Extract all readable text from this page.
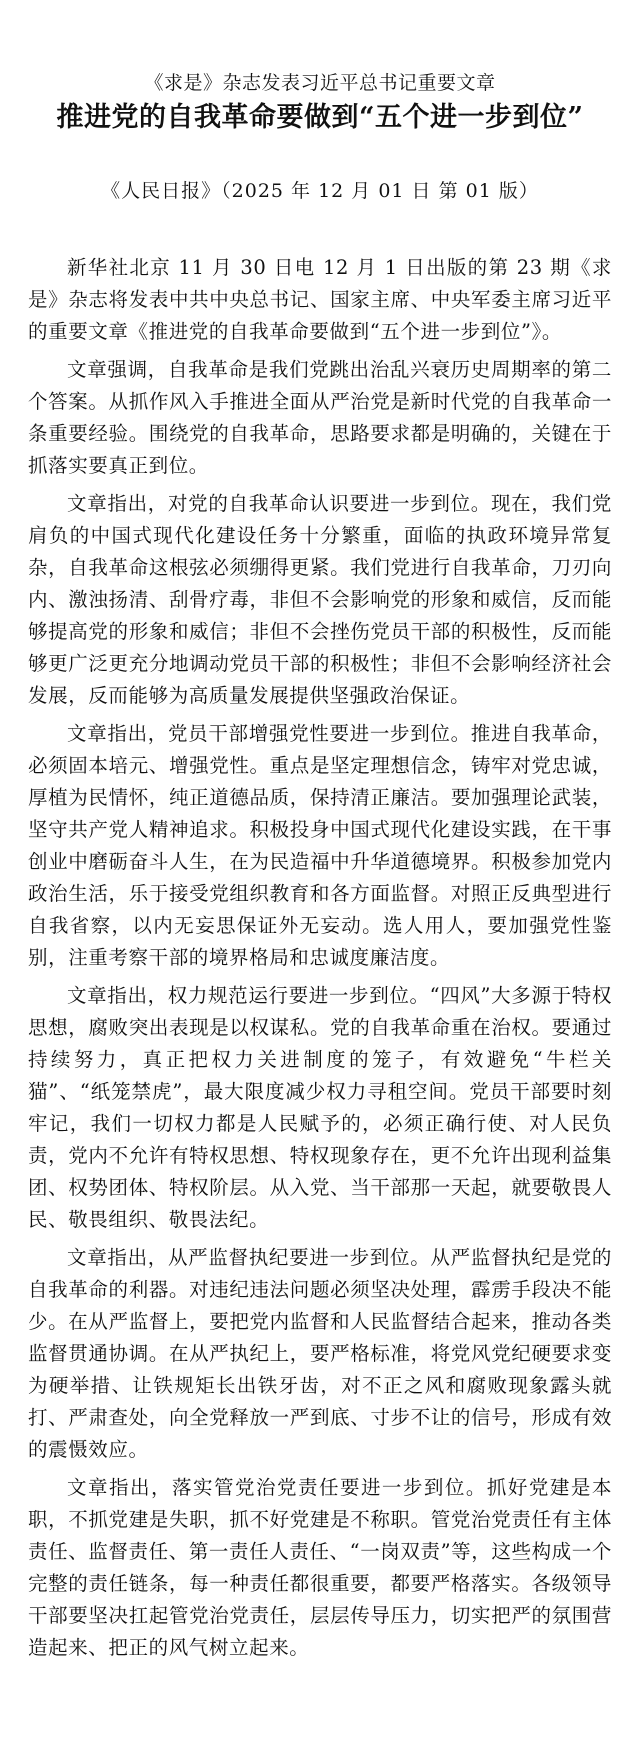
《求是》杂志发表习近平总书记重要文章

推进党的自我革命要做到“五个进一步到位”

《人民日报》（2025 年 12 月 01 日 第 01 版）

新华社北京 11 月 30 日电 12 月 1 日出版的第 23 期《求是》杂志将发表中共中央总书记、国家主席、中央军委主席习近平的重要文章《推进党的自我革命要做到“五个进一步到位”》。

文章强调，自我革命是我们党跳出治乱兴衰历史周期率的第二个答案。从抓作风入手推进全面从严治党是新时代党的自我革命一条重要经验。围绕党的自我革命，思路要求都是明确的，关键在于抓落实要真正到位。

文章指出，对党的自我革命认识要进一步到位。现在，我们党肩负的中国式现代化建设任务十分繁重，面临的执政环境异常复杂，自我革命这根弦必须绷得更紧。我们党进行自我革命，刀刃向内、激浊扬清、刮骨疗毒，非但不会影响党的形象和威信，反而能够提高党的形象和威信；非但不会挫伤党员干部的积极性，反而能够更广泛更充分地调动党员干部的积极性；非但不会影响经济社会发展，反而能够为高质量发展提供坚强政治保证。

文章指出，党员干部增强党性要进一步到位。推进自我革命，必须固本培元、增强党性。重点是坚定理想信念，铸牢对党忠诚，厚植为民情怀，纯正道德品质，保持清正廉洁。要加强理论武装，坚守共产党人精神追求。积极投身中国式现代化建设实践，在干事创业中磨砺奋斗人生，在为民造福中升华道德境界。积极参加党内政治生活，乐于接受党组织教育和各方面监督。对照正反典型进行自我省察，以内无妄思保证外无妄动。选人用人，要加强党性鉴别，注重考察干部的境界格局和忠诚度廉洁度。

文章指出，权力规范运行要进一步到位。“四风”大多源于特权思想，腐败突出表现是以权谋私。党的自我革命重在治权。要通过持续努力，真正把权力关进制度的笼子，有效避免“牛栏关猫”、“纸笼禁虎”，最大限度减少权力寻租空间。党员干部要时刻牢记，我们一切权力都是人民赋予的，必须正确行使、对人民负责，党内不允许有特权思想、特权现象存在，更不允许出现利益集团、权势团体、特权阶层。从入党、当干部那一天起，就要敬畏人民、敬畏组织、敬畏法纪。

文章指出，从严监督执纪要进一步到位。从严监督执纪是党的自我革命的利器。对违纪违法问题必须坚决处理，霹雳手段决不能少。在从严监督上，要把党内监督和人民监督结合起来，推动各类监督贯通协调。在从严执纪上，要严格标准，将党风党纪硬要求变为硬举措、让铁规矩长出铁牙齿，对不正之风和腐败现象露头就打、严肃查处，向全党释放一严到底、寸步不让的信号，形成有效的震慑效应。

文章指出，落实管党治党责任要进一步到位。抓好党建是本职，不抓党建是失职，抓不好党建是不称职。管党治党责任有主体责任、监督责任、第一责任人责任、“一岗双责”等，这些构成一个完整的责任链条，每一种责任都很重要，都要严格落实。各级领导干部要坚决扛起管党治党责任，层层传导压力，切实把严的氛围营造起来、把正的风气树立起来。
